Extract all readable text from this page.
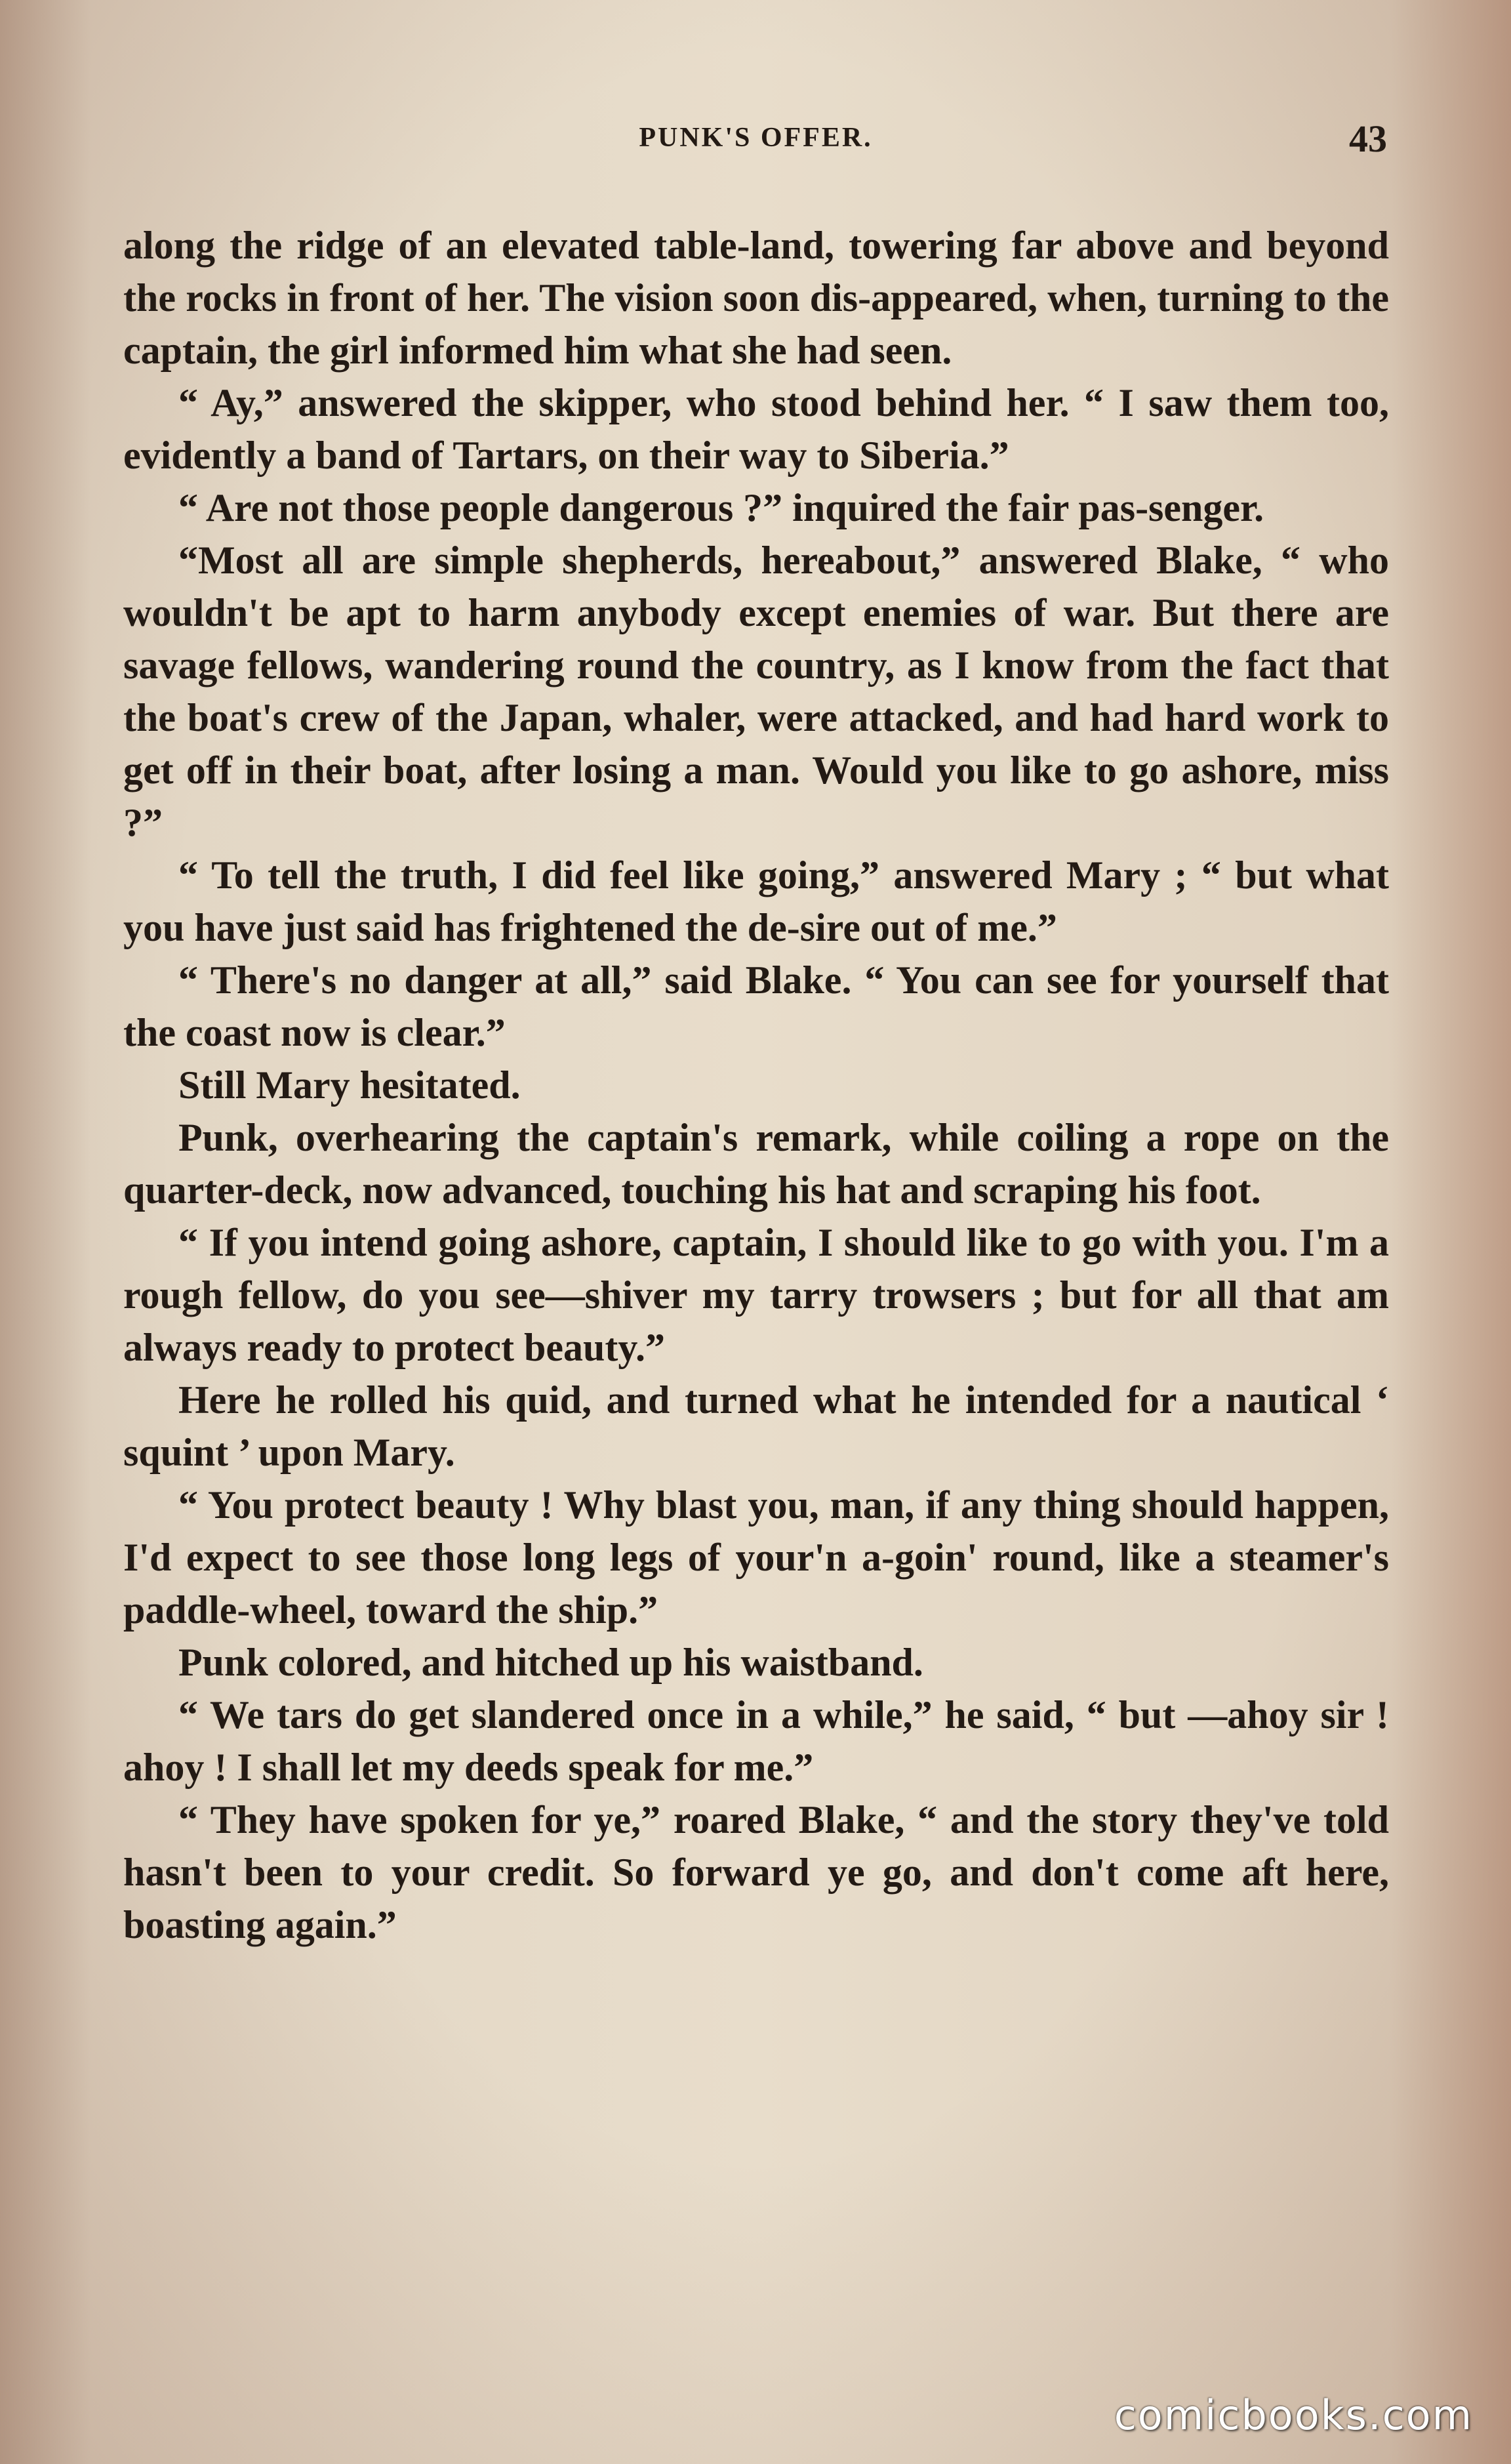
PUNK'S OFFER.	43

along the ridge of an elevated table-land, towering far above and beyond the rocks in front of her. The vision soon dis-appeared, when, turning to the captain, the girl informed him what she had seen.

“ Ay,” answered the skipper, who stood behind her. “ I saw them too, evidently a band of Tartars, on their way to Siberia.”

“ Are not those people dangerous ?” inquired the fair pas-senger.

“Most all are simple shepherds, hereabout,” answered Blake, “ who wouldn't be apt to harm anybody except enemies of war. But there are savage fellows, wandering round the country, as I know from the fact that the boat's crew of the Japan, whaler, were attacked, and had hard work to get off in their boat, after losing a man. Would you like to go ashore, miss ?”

“ To tell the truth, I did feel like going,” answered Mary ; “ but what you have just said has frightened the de-sire out of me.”

“ There's no danger at all,” said Blake. “ You can see for yourself that the coast now is clear.”

Still Mary hesitated.

Punk, overhearing the captain's remark, while coiling a rope on the quarter-deck, now advanced, touching his hat and scraping his foot.

“ If you intend going ashore, captain, I should like to go with you. I'm a rough fellow, do you see—shiver my tarry trowsers ; but for all that am always ready to protect beauty.”

Here he rolled his quid, and turned what he intended for a nautical ‘ squint ’ upon Mary.

“ You protect beauty ! Why blast you, man, if any thing should happen, I'd expect to see those long legs of your'n a-goin' round, like a steamer's paddle-wheel, toward the ship.”

Punk colored, and hitched up his waistband.

“ We tars do get slandered once in a while,” he said, “ but —ahoy sir ! ahoy ! I shall let my deeds speak for me.”

“ They have spoken for ye,” roared Blake, “ and the story they've told hasn't been to your credit. So forward ye go, and don't come aft here, boasting again.”

comicbooks.com
